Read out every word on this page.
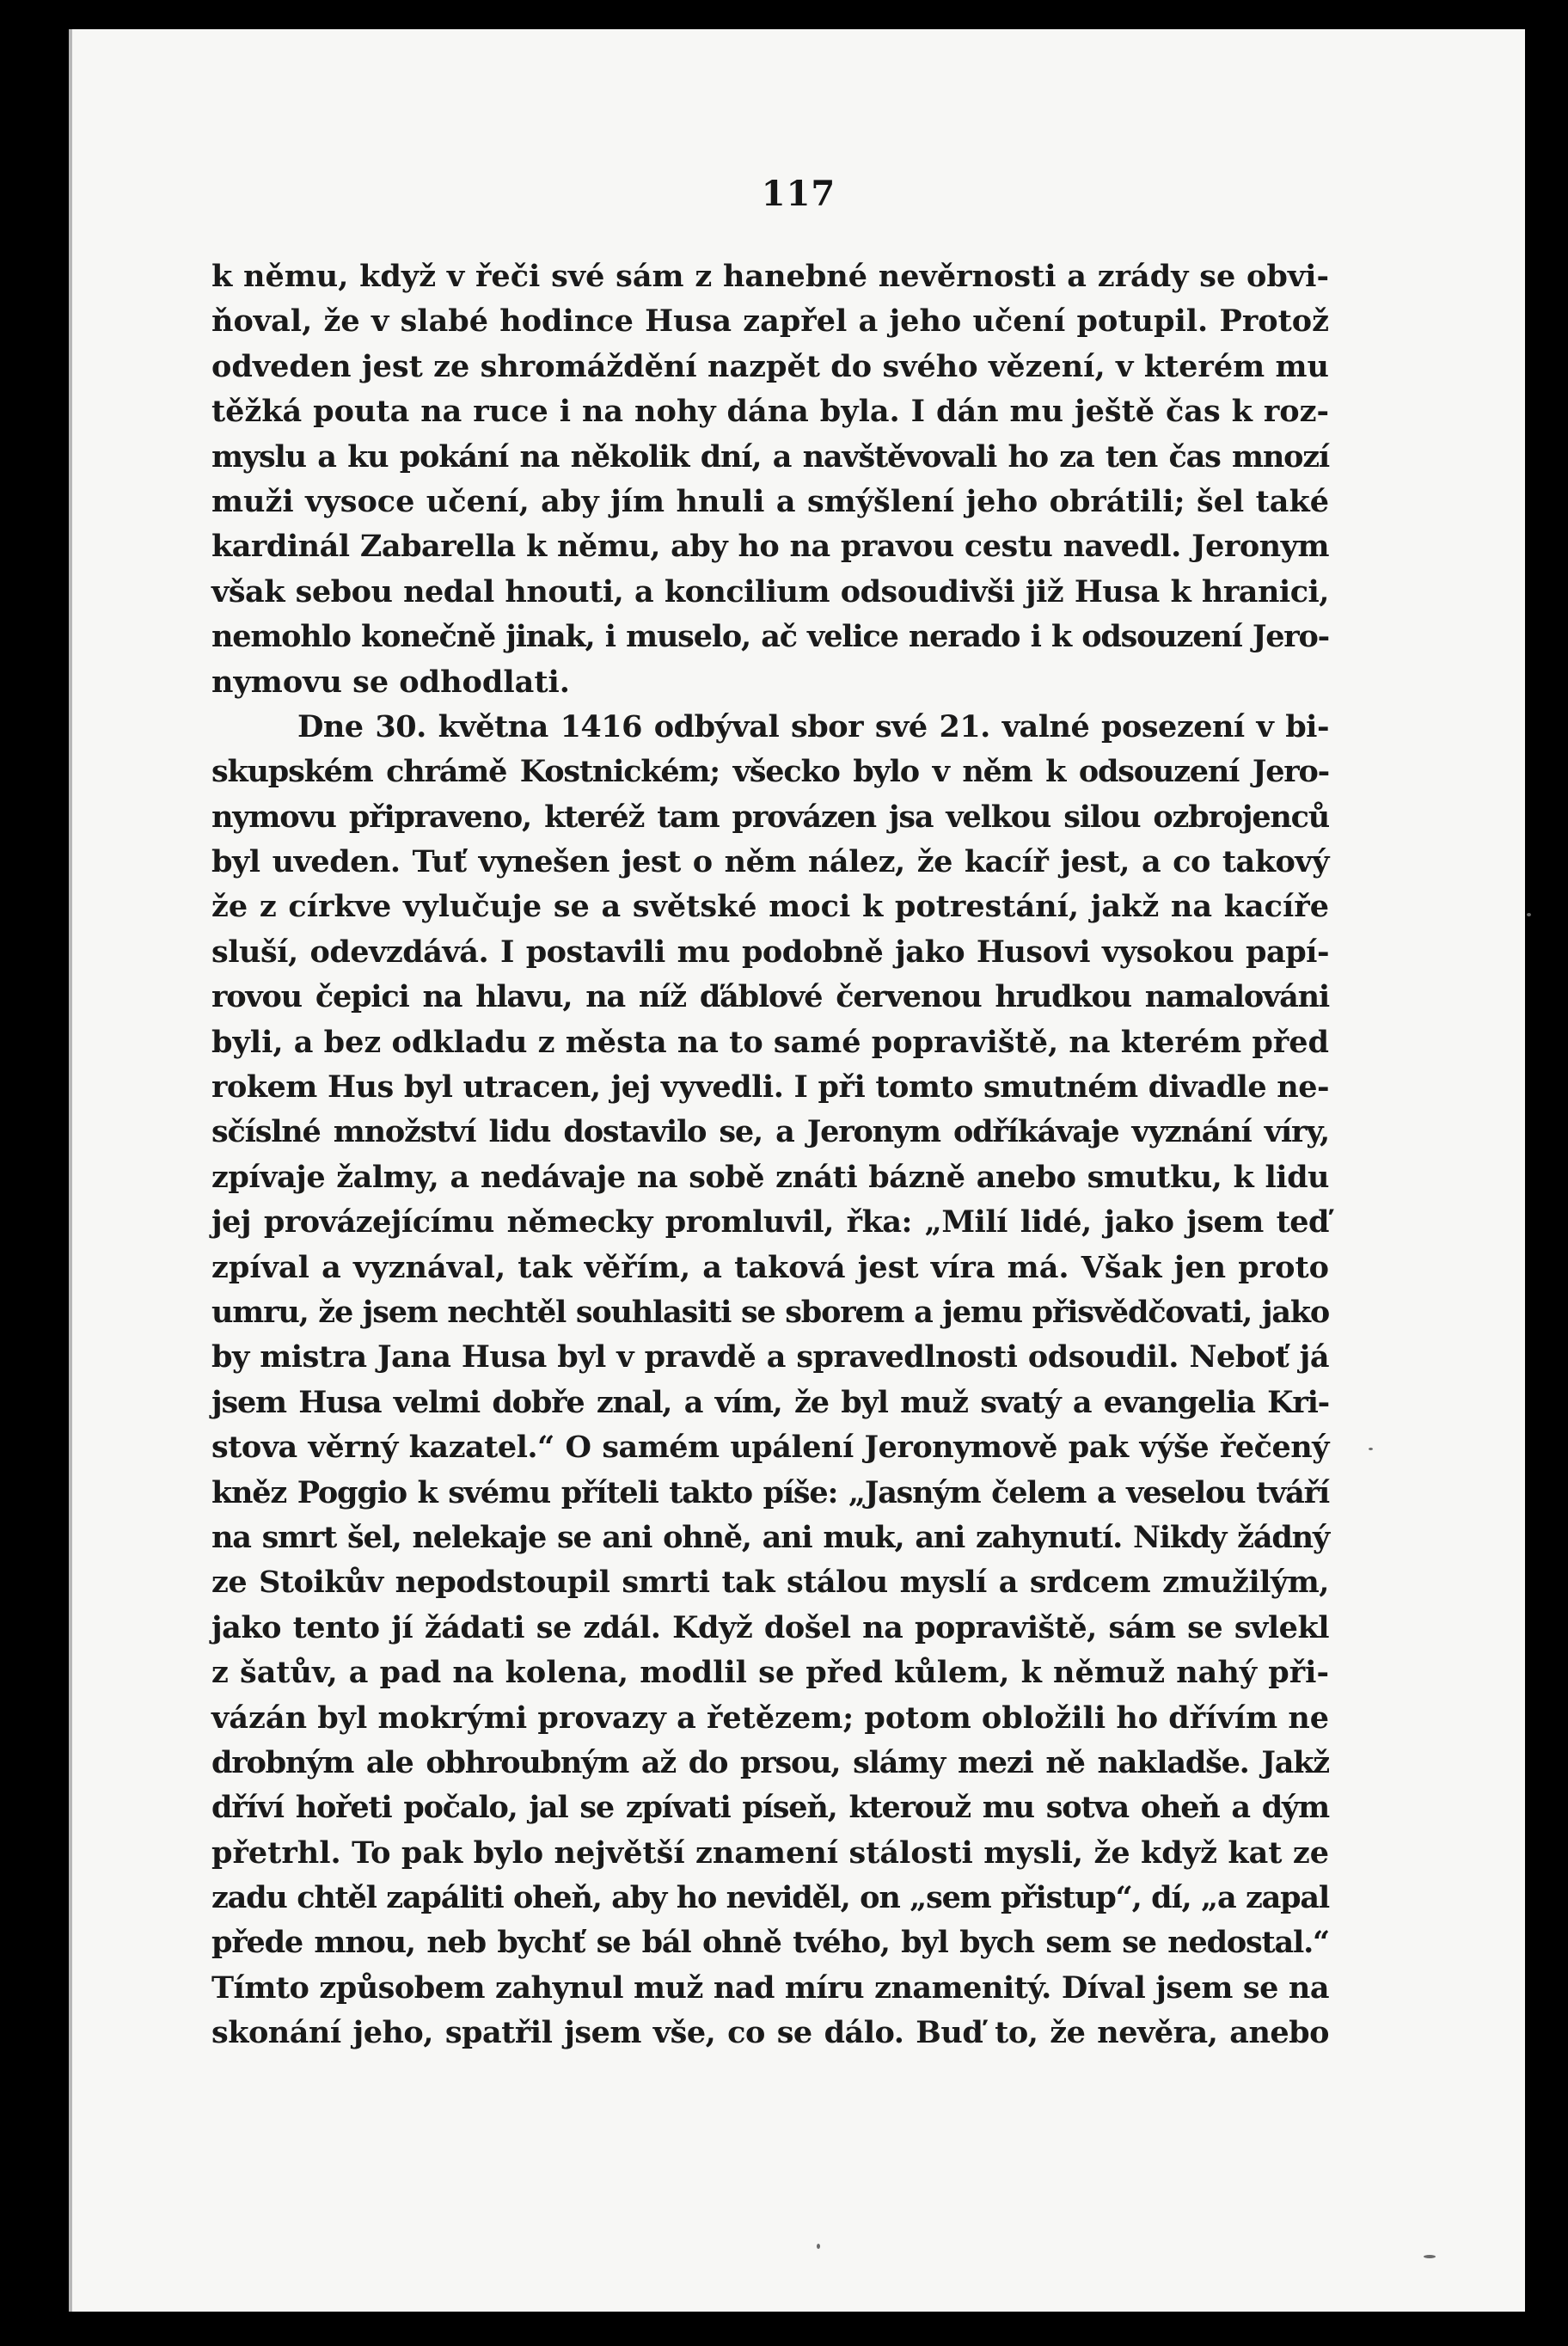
117
k němu, když v řeči své sám z hanebné nevěrnosti a zrády se obvi-
ňoval, že v slabé hodince Husa zapřel a jeho učení potupil. Protož
odveden jest ze shromáždění nazpět do svého vězení, v kterém mu
těžká pouta na ruce i na nohy dána byla. I dán mu ještě čas k roz-
myslu a ku pokání na několik dní, a navštěvovali ho za ten čas mnozí
muži vysoce učení, aby jím hnuli a smýšlení jeho obrátili; šel také
kardinál Zabarella k němu, aby ho na pravou cestu navedl. Jeronym
však sebou nedal hnouti, a koncilium odsoudivši již Husa k hranici,
nemohlo konečně jinak, i muselo, ač velice nerado i k odsouzení Jero-
nymovu se odhodlati.
Dne 30. května 1416 odbýval sbor své 21. valné posezení v bi-
skupském chrámě Kostnickém; všecko bylo v něm k odsouzení Jero-
nymovu připraveno, kteréž tam provázen jsa velkou silou ozbrojenců
byl uveden. Tuť vynešen jest o něm nález, že kacíř jest, a co takový
že z církve vylučuje se a světské moci k potrestání, jakž na kacíře
sluší, odevzdává. I postavili mu podobně jako Husovi vysokou papí-
rovou čepici na hlavu, na níž ďáblové červenou hrudkou namalováni
byli, a bez odkladu z města na to samé popraviště, na kterém před
rokem Hus byl utracen, jej vyvedli. I při tomto smutném divadle ne-
sčíslné množství lidu dostavilo se, a Jeronym odříkávaje vyznání víry,
zpívaje žalmy, a nedávaje na sobě znáti bázně anebo smutku, k lidu
jej provázejícímu německy promluvil, řka: „Milí lidé, jako jsem teď
zpíval a vyznával, tak věřím, a taková jest víra má. Však jen proto
umru, že jsem nechtěl souhlasiti se sborem a jemu přisvědčovati, jako
by mistra Jana Husa byl v pravdě a spravedlnosti odsoudil. Neboť já
jsem Husa velmi dobře znal, a vím, že byl muž svatý a evangelia Kri-
stova věrný kazatel.“ O samém upálení Jeronymově pak výše řečený
kněz Poggio k svému příteli takto píše: „Jasným čelem a veselou tváří
na smrt šel, nelekaje se ani ohně, ani muk, ani zahynutí. Nikdy žádný
ze Stoikův nepodstoupil smrti tak stálou myslí a srdcem zmužilým,
jako tento jí žádati se zdál. Když došel na popraviště, sám se svlekl
z šatův, a pad na kolena, modlil se před kůlem, k němuž nahý při-
vázán byl mokrými provazy a řetězem; potom obložili ho dřívím ne
drobným ale obhroubným až do prsou, slámy mezi ně nakladše. Jakž
dříví hořeti počalo, jal se zpívati píseň, kterouž mu sotva oheň a dým
přetrhl. To pak bylo největší znamení stálosti mysli, že když kat ze
zadu chtěl zapáliti oheň, aby ho neviděl, on „sem přistup“, dí, „a zapal
přede mnou, neb bychť se bál ohně tvého, byl bych sem se nedostal.“
Tímto způsobem zahynul muž nad míru znamenitý. Díval jsem se na
skonání jeho, spatřil jsem vše, co se dálo. Buď to, že nevěra, anebo
